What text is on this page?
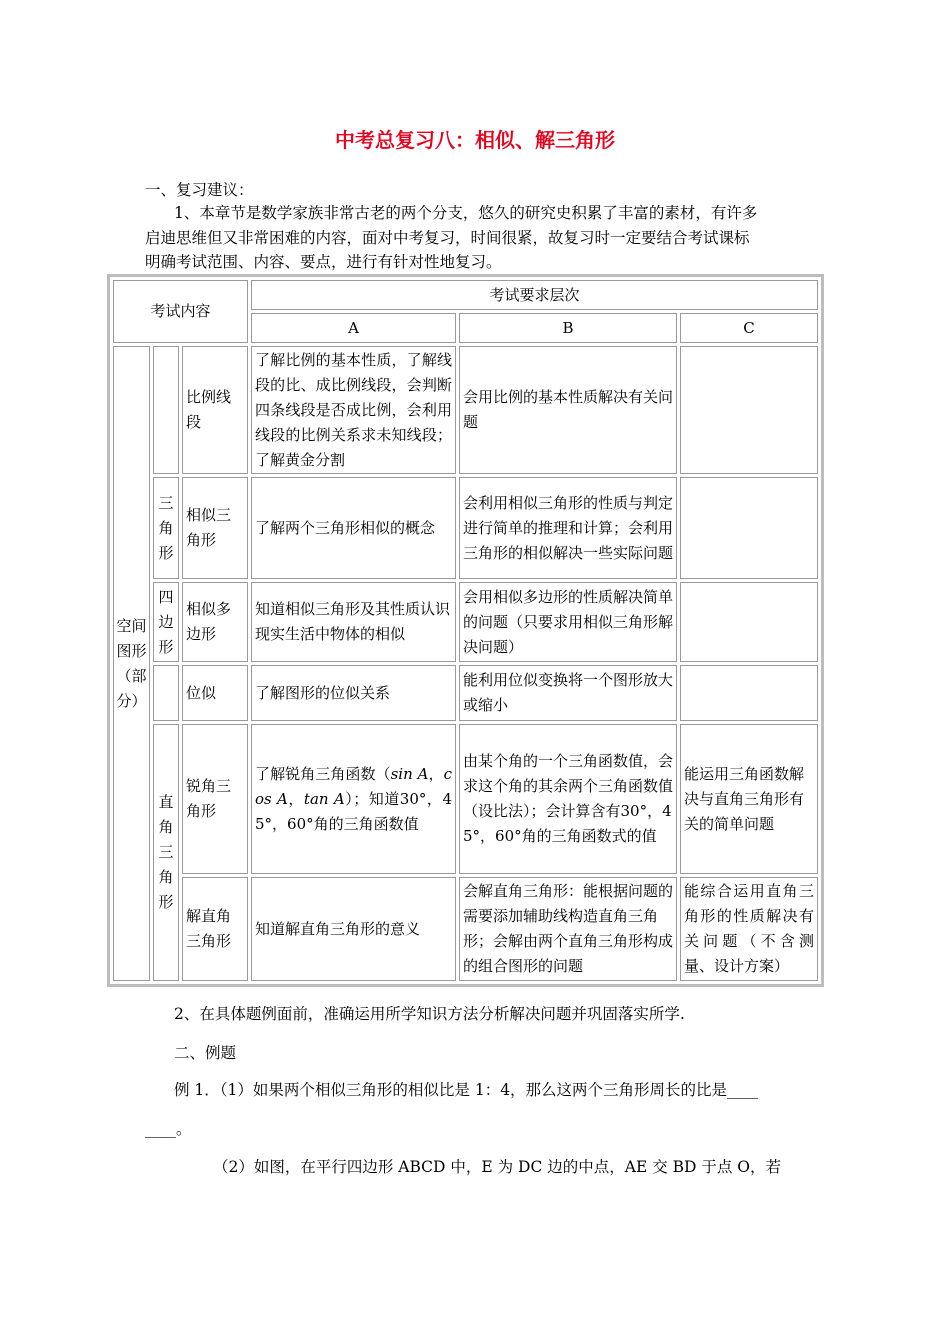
中考总复习八：相似、解三角形
一、复习建议：
1、本章节是数学家族非常古老的两个分支，悠久的研究史积累了丰富的素材，有许多
启迪思维但又非常困难的内容，面对中考复习，时间很紧，故复习时一定要结合考试课标
明确考试范围、内容、要点，进行有针对性地复习。
考试内容			考试要求层次		
			A	B	C
空间图形（部分）		比例线段	了解比例的基本性质，了解线段的比、成比例线段，会判断四条线段是否成比例，会利用线段的比例关系求未知线段；了解黄金分割	会用比例的基本性质解决有关问题	
	三角形	相似三角形	了解两个三角形相似的概念	会利用相似三角形的性质与判定进行简单的推理和计算；会利用三角形的相似解决一些实际问题	
	四边形	相似多边形	知道相似三角形及其性质认识现实生活中物体的相似	会用相似多边形的性质解决简单的问题（只要求用相似三角形解决问题）	
		位似	了解图形的位似关系	能利用位似变换将一个图形放大或缩小	
	直角三角形	锐角三角形	了解锐角三角函数（sin A，cos A，tan A）；知道30°，45°，60°角的三角函数值	由某个角的一个三角函数值，会求这个角的其余两个三角函数值（设比法）；会计算含有30°，45°，60°角的三角函数式的值	能运用三角函数解决与直角三角形有关的简单问题
		解直角三角形	知道解直角三角形的意义	会解直角三角形：能根据问题的需要添加辅助线构造直角三角形；会解由两个直角三角形构成的组合图形的问题	能综合运用直角三角形的性质解决有关问题（不含测量、设计方案）
2、在具体题例面前，准确运用所学知识方法分析解决问题并巩固落实所学.
二、例题
例 1．（1）如果两个相似三角形的相似比是 1：4，那么这两个三角形周长的比是____
____。
（2）如图，在平行四边形 ABCD 中，E 为 DC 边的中点，AE 交 BD 于点 O，若
